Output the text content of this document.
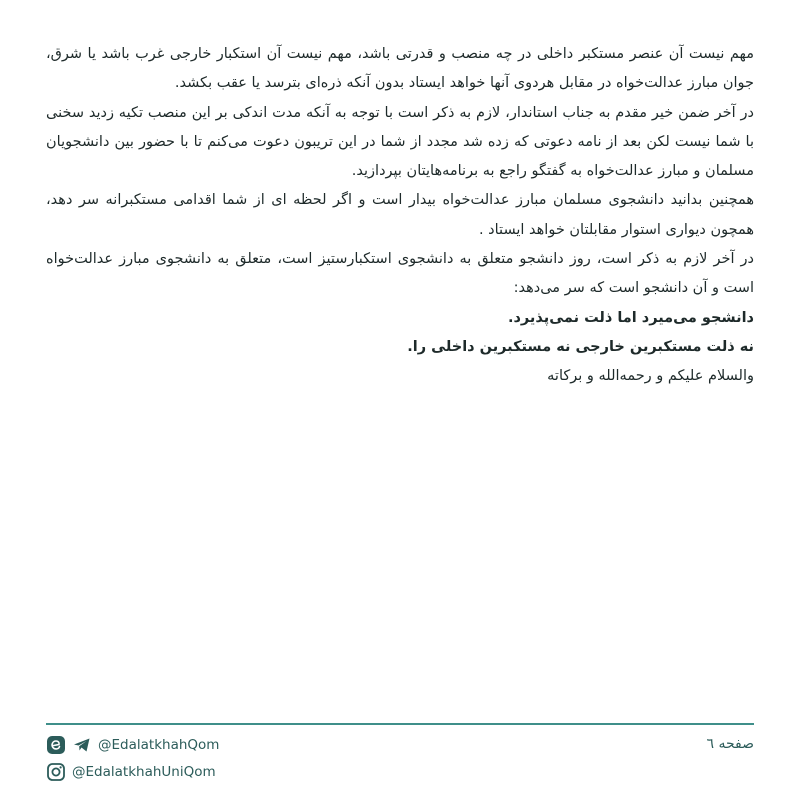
مهم نیست آن عنصر مستکبر داخلی در چه منصب و قدرتی باشد، مهم نیست آن استکبار خارجی غرب باشد یا شرق، جوان مبارز عدالت‌خواه در مقابل هردوی آنها خواهد ایستاد بدون آنکه ذره‌ای بترسد یا عقب بکشد.

در آخر ضمن خیر مقدم به جناب استاندار، لازم به ذکر است با توجه به آنکه مدت اندکی بر این منصب تکیه زدید سخنی با شما نیست لکن بعد از نامه دعوتی که زده شد مجدد از شما در این تریبون دعوت می‌کنم تا با حضور بین دانشجویان مسلمان و مبارز عدالت‌خواه به گفتگو راجع به برنامه‌هایتان بپردازید.

همچنین بدانید دانشجوی مسلمان مبارز عدالت‌خواه بیدار است و اگر لحظه ای از شما اقدامی مستکبرانه سر دهد، همچون دیواری استوار مقابلتان خواهد ایستاد .

در آخر لازم به ذکر است، روز دانشجو متعلق به دانشجوی استکبارستیز است، متعلق به دانشجوی مبارز عدالت‌خواه است و آن دانشجو است که سر می‌دهد:

دانشجو می‌میرد اما ذلت نمی‌پذیرد.

نه ذلت مستکبرین خارجی نه مستکبرین داخلی را.

والسلام علیکم و رحمه‌الله و برکاته

صفحه ٦
@EdalatkhahQom
@EdalatkhahUniQom
